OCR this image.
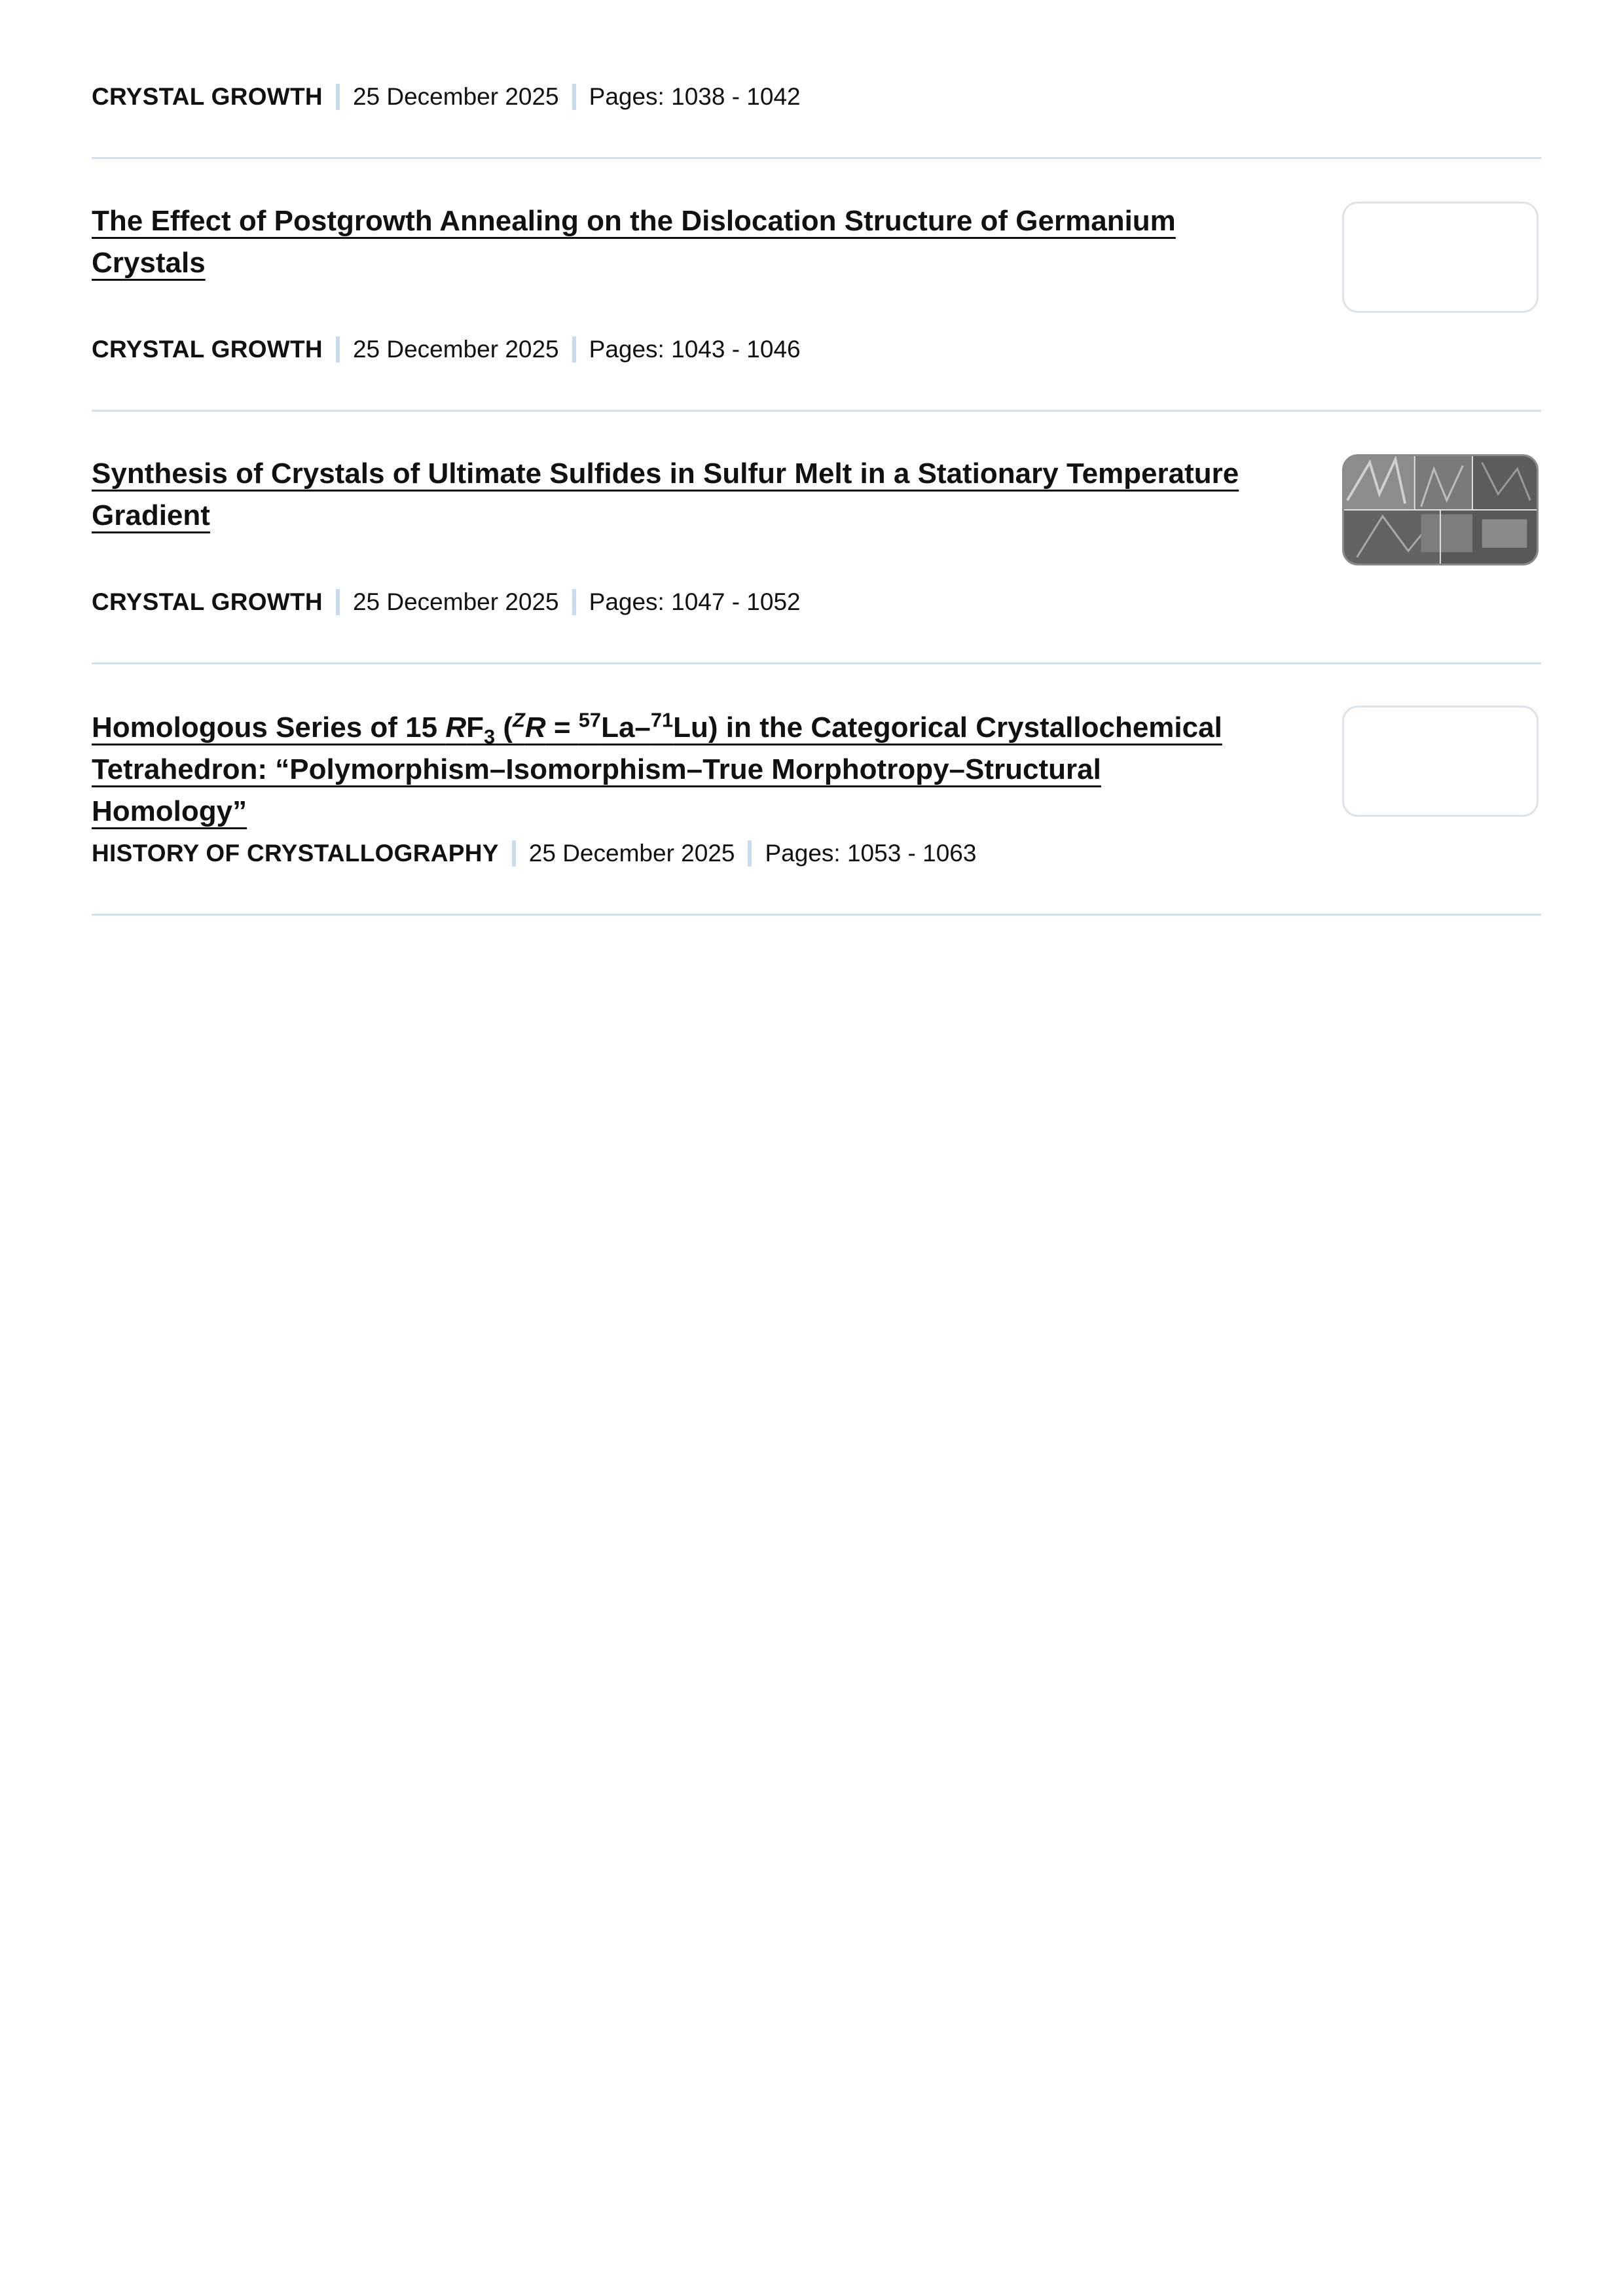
CRYSTAL GROWTH 25 December 2025 Pages: 1038 - 1042
The Effect of Postgrowth Annealing on the Dislocation Structure of Germanium Crystals
CRYSTAL GROWTH 25 December 2025 Pages: 1043 - 1046
Synthesis of Crystals of Ultimate Sulfides in Sulfur Melt in a Stationary Temperature
Gradient
CRYSTAL GROWTH 25 December 2025 Pages: 1047 - 1052
Homologous Series of 15 $RF_3$ ($^Z$R = $^{57}$La–$^{71}$Lu) in the Categorical Crystallochemical
Tetrahedron: “Polymorphism–Isomorphism–True Morphotropy–Structural Homology”
HISTORY OF CRYSTALLOGRAPHY 25 December 2025 Pages: 1053 - 1063
